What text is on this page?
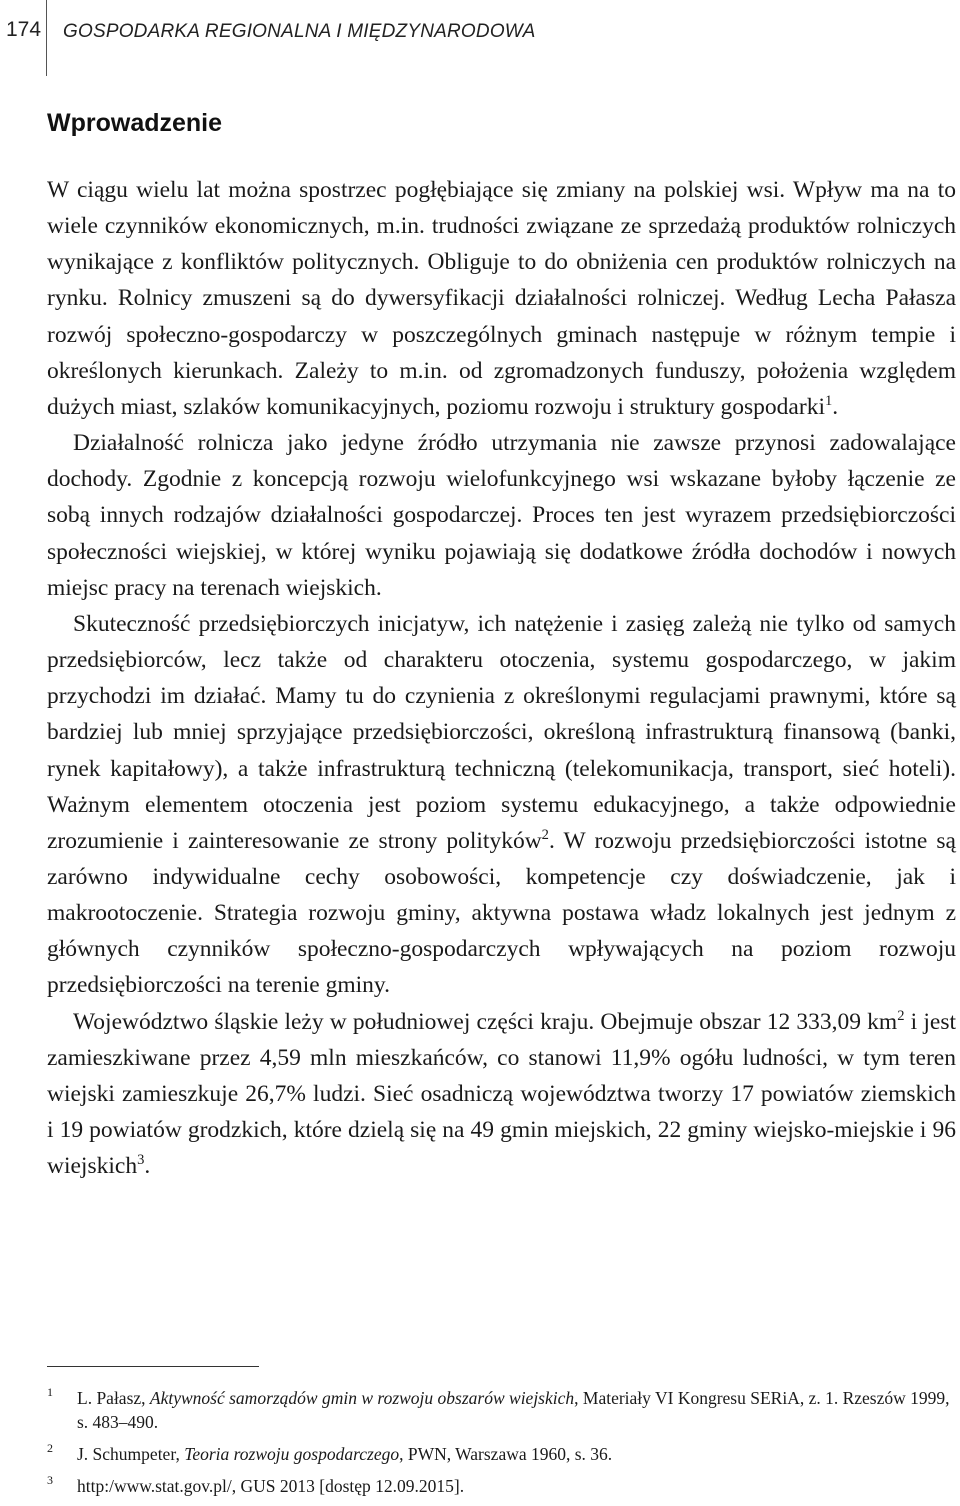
174 GOSPODARKA REGIONALNA I MIĘDZYNARODOWA
Wprowadzenie

W ciągu wielu lat można spostrzec pogłębiające się zmiany na polskiej wsi. Wpływ ma na to wiele czynników ekonomicznych, m.in. trudności związane ze sprzedażą produktów rolniczych wynikające z konfliktów politycznych. Obliguje to do obniżenia cen produktów rolniczych na rynku. Rolnicy zmuszeni są do dywersyfikacji działalności rolniczej. Według Lecha Pałasza rozwój społeczno-gospodarczy w poszczególnych gminach następuje w różnym tempie i określonych kierunkach. Zależy to m.in. od zgromadzonych funduszy, położenia względem dużych miast, szlaków komunikacyjnych, poziomu rozwoju i struktury gospodarki$^1$.

Działalność rolnicza jako jedyne źródło utrzymania nie zawsze przynosi zadowalające dochody. Zgodnie z koncepcją rozwoju wielofunkcyjnego wsi wskazane byłoby łączenie ze sobą innych rodzajów działalności gospodarczej. Proces ten jest wyrazem przedsiębiorczości społeczności wiejskiej, w której wyniku pojawiają się dodatkowe źródła dochodów i nowych miejsc pracy na terenach wiejskich.

Skuteczność przedsiębiorczych inicjatyw, ich natężenie i zasięg zależą nie tylko od samych przedsiębiorców, lecz także od charakteru otoczenia, systemu gospodarczego, w jakim przychodzi im działać. Mamy tu do czynienia z określonymi regulacjami prawnymi, które są bardziej lub mniej sprzyjające przedsiębiorczości, określoną infrastrukturą finansową (banki, rynek kapitałowy), a także infrastrukturą techniczną (telekomunikacja, transport, sieć hoteli). Ważnym elementem otoczenia jest poziom systemu edukacyjnego, a także odpowiednie zrozumienie i zainteresowanie ze strony polityków$^2$. W rozwoju przedsiębiorczości istotne są zarówno indywidualne cechy osobowości, kompetencje czy doświadczenie, jak i makrootoczenie. Strategia rozwoju gminy, aktywna postawa władz lokalnych jest jednym z głównych czynników społeczno-gospodarczych wpływających na poziom rozwoju przedsiębiorczości na terenie gminy.

Województwo śląskie leży w południowej części kraju. Obejmuje obszar 12 333,09 $km^2$ i jest zamieszkiwane przez 4,59 mln mieszkańców, co stanowi 11,9% ogółu ludności, w tym teren wiejski zamieszkuje 26,7% ludzi. Sieć osadniczą województwa tworzy 17 powiatów ziemskich i 19 powiatów grodzkich, które dzielą się na 49 gmin miejskich, 22 gminy wiejsko-miejskie i 96 wiejskich$^3$.

1 L. Pałasz, Aktywność samorządów gmin w rozwoju obszarów wiejskich, Materiały VI Kongresu SERiA, z. 1. Rzeszów 1999, s. 483–490.
2 J. Schumpeter, Teoria rozwoju gospodarczego, PWN, Warszawa 1960, s. 36.
3 http:/www.stat.gov.pl/, GUS 2013 [dostęp 12.09.2015].
